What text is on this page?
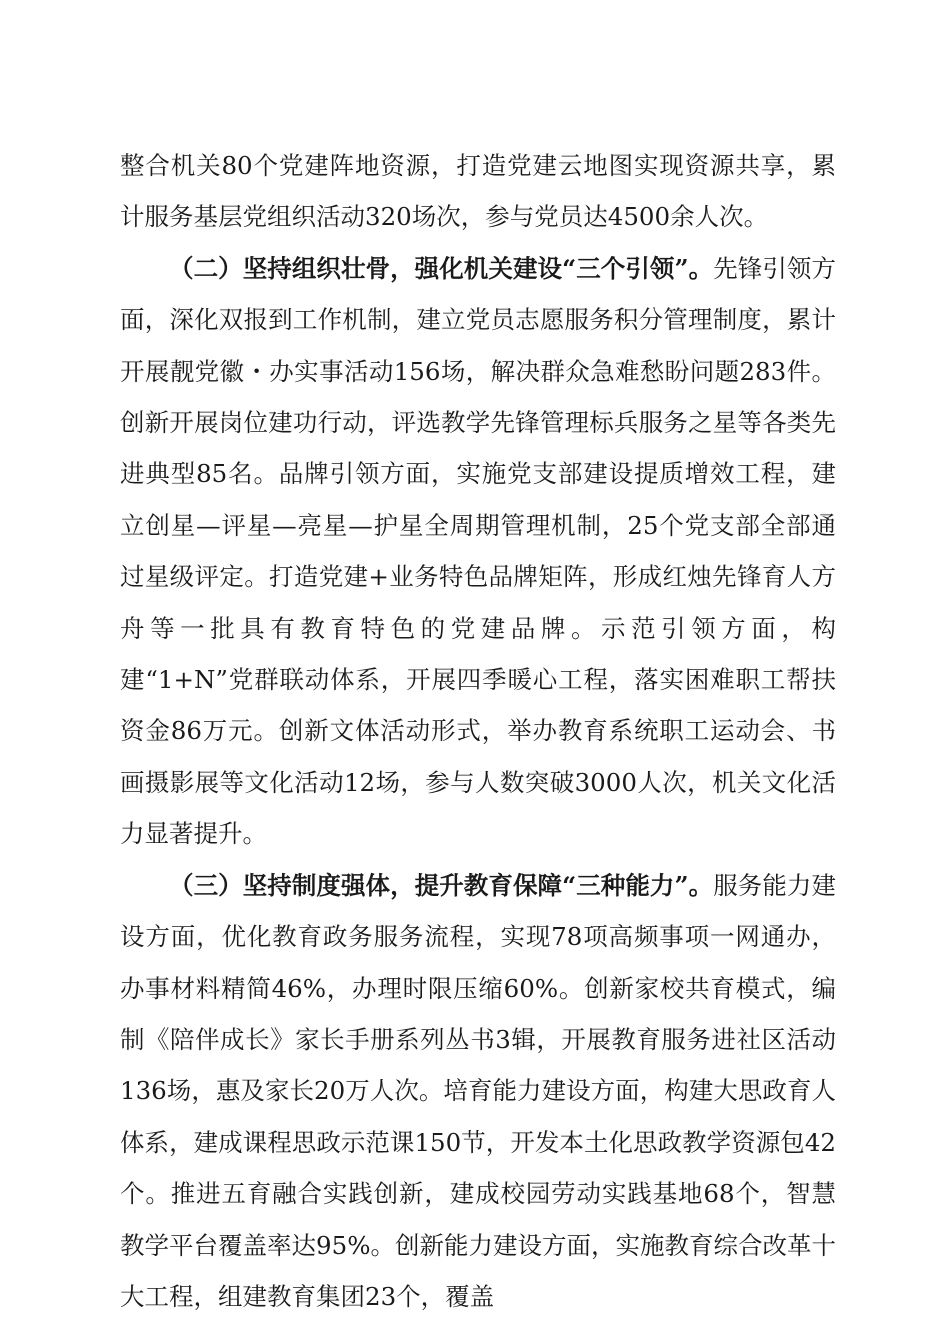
整合机关80个党建阵地资源，打造党建云地图实现资源共享，累计服务基层党组织活动320场次，参与党员达4500余人次。

（二）坚持组织壮骨，强化机关建设“三个引领”。先锋引领方面，深化双报到工作机制，建立党员志愿服务积分管理制度，累计开展靓党徽・办实事活动156场，解决群众急难愁盼问题283件。创新开展岗位建功行动，评选教学先锋管理标兵服务之星等各类先进典型85名。品牌引领方面，实施党支部建设提质增效工程，建立创星—评星—亮星—护星全周期管理机制，25个党支部全部通过星级评定。打造党建+业务特色品牌矩阵，形成红烛先锋育人方舟等一批具有教育特色的党建品牌。示范引领方面，构建“1+N”党群联动体系，开展四季暖心工程，落实困难职工帮扶资金86万元。创新文体活动形式，举办教育系统职工运动会、书画摄影展等文化活动12场，参与人数突破3000人次，机关文化活力显著提升。

（三）坚持制度强体，提升教育保障“三种能力”。服务能力建设方面，优化教育政务服务流程，实现78项高频事项一网通办，办事材料精简46%，办理时限压缩60%。创新家校共育模式，编制《陪伴成长》家长手册系列丛书3辑，开展教育服务进社区活动136场，惠及家长20万人次。培育能力建设方面，构建大思政育人体系，建成课程思政示范课150节，开发本土化思政教学资源包42个。推进五育融合实践创新，建成校园劳动实践基地68个，智慧教学平台覆盖率达95%。创新能力建设方面，实施教育综合改革十大工程，组建教育集团23个，覆盖
